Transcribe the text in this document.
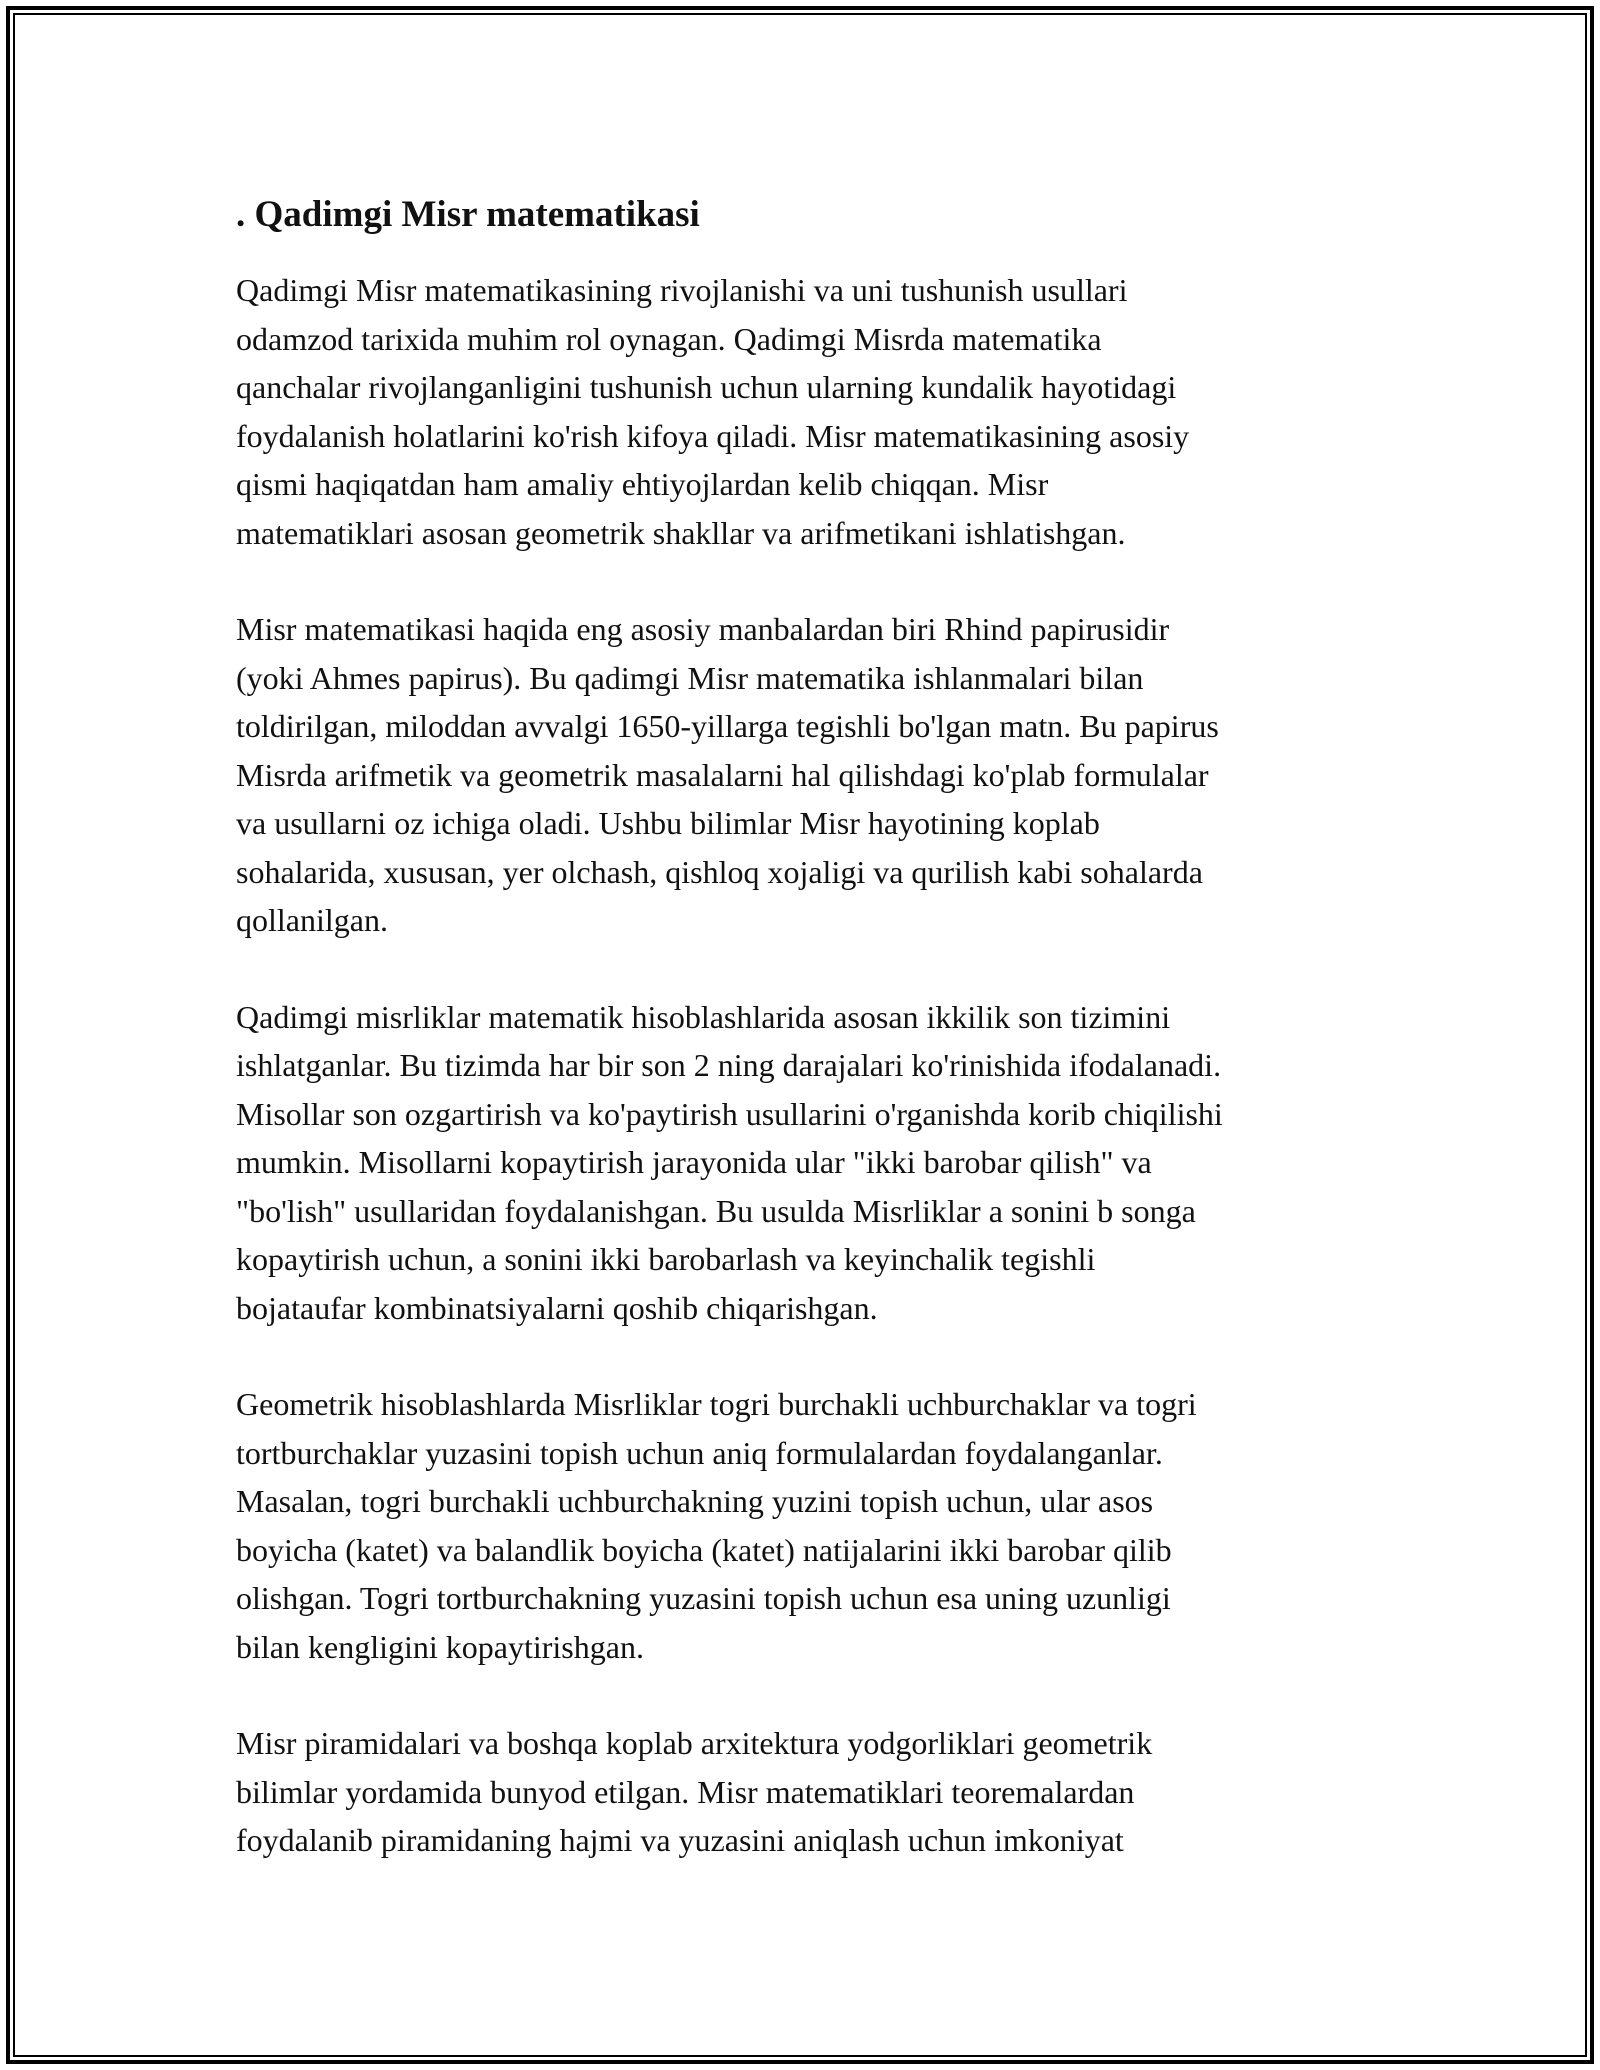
. Qadimgi Misr matematikasi

Qadimgi Misr matematikasining rivojlanishi va uni tushunish usullari
odamzod tarixida muhim rol oynagan. Qadimgi Misrda matematika
qanchalar rivojlanganligini tushunish uchun ularning kundalik hayotidagi
foydalanish holatlarini ko'rish kifoya qiladi. Misr matematikasining asosiy
qismi haqiqatdan ham amaliy ehtiyojlardan kelib chiqqan. Misr
matematiklari asosan geometrik shakllar va arifmetikani ishlatishgan.

Misr matematikasi haqida eng asosiy manbalardan biri Rhind papirusidir
(yoki Ahmes papirus). Bu qadimgi Misr matematika ishlanmalari bilan
toldirilgan, miloddan avvalgi 1650-yillarga tegishli bo'lgan matn. Bu papirus
Misrda arifmetik va geometrik masalalarni hal qilishdagi ko'plab formulalar
va usullarni oz ichiga oladi. Ushbu bilimlar Misr hayotining koplab
sohalarida, xususan, yer olchash, qishloq xojaligi va qurilish kabi sohalarda
qollanilgan.

Qadimgi misrliklar matematik hisoblashlarida asosan ikkilik son tizimini
ishlatganlar. Bu tizimda har bir son 2 ning darajalari ko'rinishida ifodalanadi.
Misollar son ozgartirish va ko'paytirish usullarini o'rganishda korib chiqilishi
mumkin. Misollarni kopaytirish jarayonida ular "ikki barobar qilish" va
"bo'lish" usullaridan foydalanishgan. Bu usulda Misrliklar a sonini b songa
kopaytirish uchun, a sonini ikki barobarlash va keyinchalik tegishli
bojataufar kombinatsiyalarni qoshib chiqarishgan.

Geometrik hisoblashlarda Misrliklar togri burchakli uchburchaklar va togri
tortburchaklar yuzasini topish uchun aniq formulalardan foydalanganlar.
Masalan, togri burchakli uchburchakning yuzini topish uchun, ular asos
boyicha (katet) va balandlik boyicha (katet) natijalarini ikki barobar qilib
olishgan. Togri tortburchakning yuzasini topish uchun esa uning uzunligi
bilan kengligini kopaytirishgan.

Misr piramidalari va boshqa koplab arxitektura yodgorliklari geometrik
bilimlar yordamida bunyod etilgan. Misr matematiklari teoremalardan
foydalanib piramidaning hajmi va yuzasini aniqlash uchun imkoniyat
